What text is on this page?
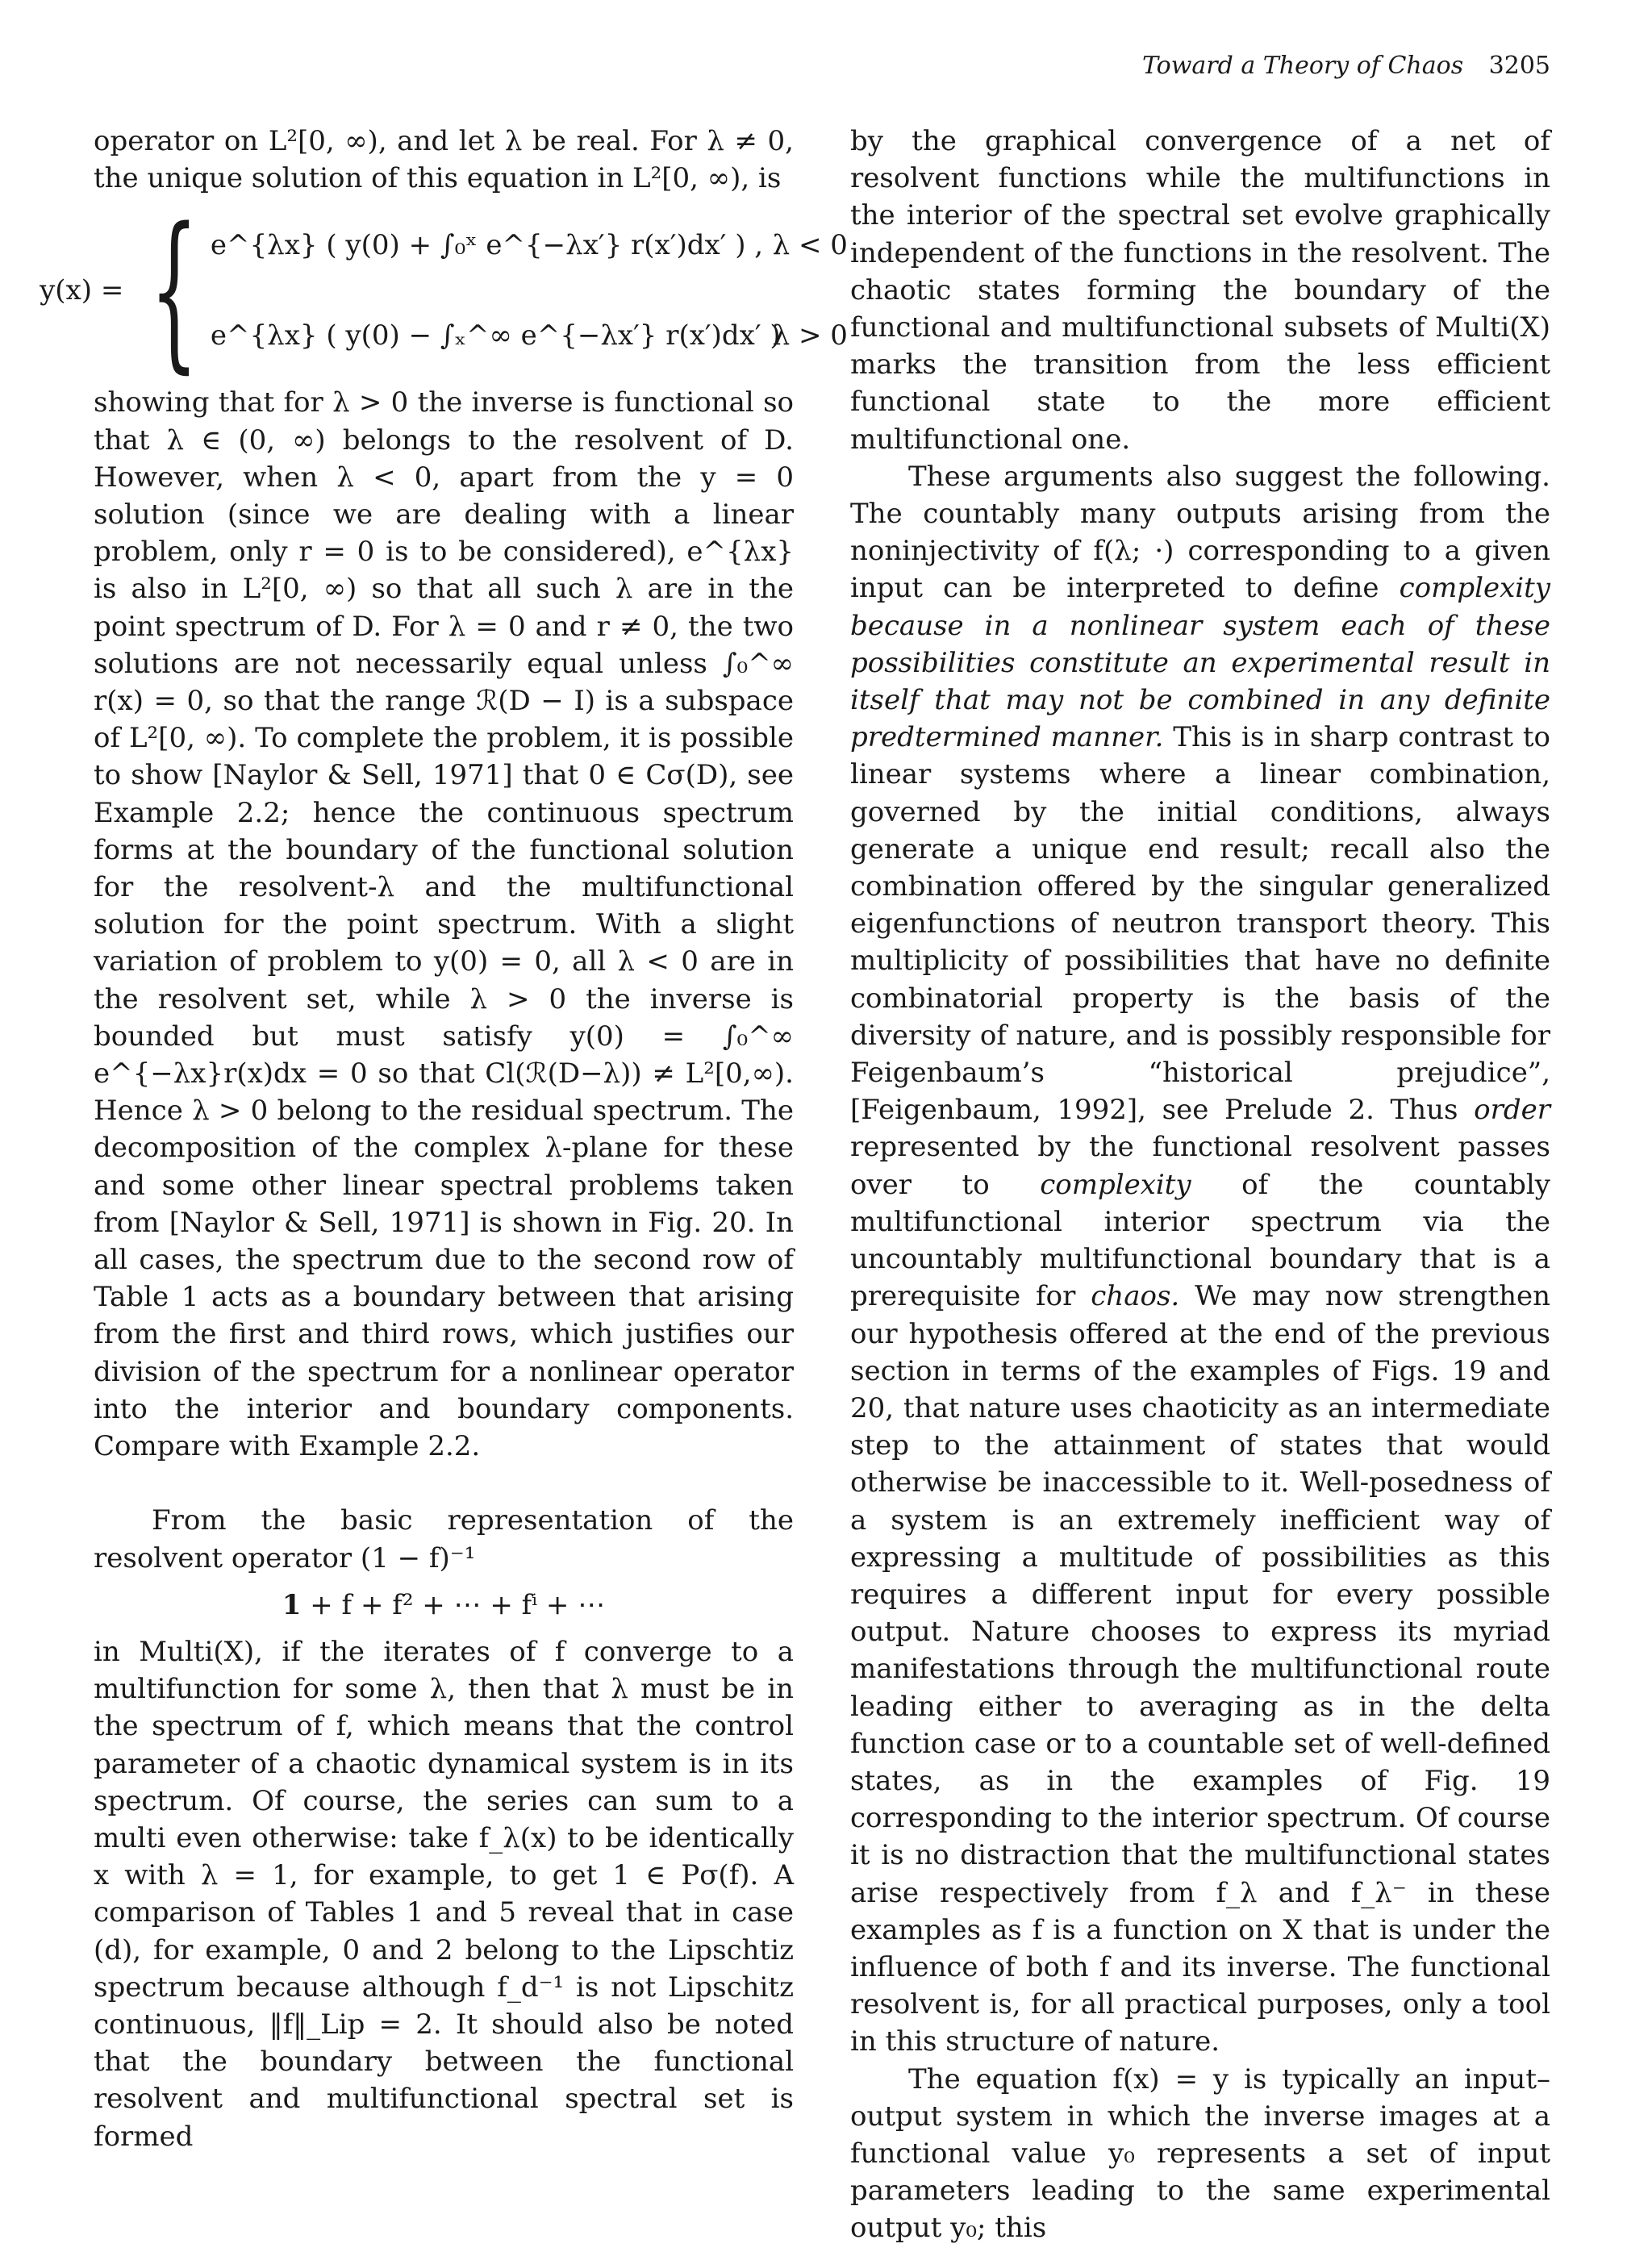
Toward a Theory of Chaos 3205

operator on L²[0, ∞), and let λ be real. For λ ≠ 0, the unique solution of this equation in L²[0, ∞), is

y(x) = { e^{λx} ( y(0) + ∫₀ˣ e^{−λx′} r(x′)dx′ ) , λ < 0
e^{λx} ( y(0) − ∫ₓ^∞ e^{−λx′} r(x′)dx′ )
λ > 0

showing that for λ > 0 the inverse is functional so that λ ∈ (0, ∞) belongs to the resolvent of D. However, when λ < 0, apart from the y = 0 solution (since we are dealing with a linear problem, only r = 0 is to be considered), e^{λx} is also in L²[0, ∞) so that all such λ are in the point spectrum of D. For λ = 0 and r ≠ 0, the two solutions are not necessarily equal unless ∫₀^∞ r(x) = 0, so that the range ℛ(D − I) is a subspace of L²[0, ∞). To complete the problem, it is possible to show [Naylor & Sell, 1971] that 0 ∈ Cσ(D), see Example 2.2; hence the continuous spectrum forms at the boundary of the functional solution for the resolvent-λ and the multifunctional solution for the point spectrum. With a slight variation of problem to y(0) = 0, all λ < 0 are in the resolvent set, while λ > 0 the inverse is bounded but must satisfy y(0) = ∫₀^∞ e^{−λx}r(x)dx = 0 so that Cl(ℛ(D−λ)) ≠ L²[0,∞). Hence λ > 0 belong to the residual spectrum. The decomposition of the complex λ-plane for these and some other linear spectral problems taken from [Naylor & Sell, 1971] is shown in Fig. 20. In all cases, the spectrum due to the second row of Table 1 acts as a boundary between that arising from the first and third rows, which justifies our division of the spectrum for a nonlinear operator into the interior and boundary components. Compare with Example 2.2.

From the basic representation of the resolvent operator (1 − f)⁻¹

1 + f + f² + ⋯ + fⁱ + ⋯

in Multi(X), if the iterates of f converge to a multifunction for some λ, then that λ must be in the spectrum of f, which means that the control parameter of a chaotic dynamical system is in its spectrum. Of course, the series can sum to a multi even otherwise: take f_λ(x) to be identically x with λ = 1, for example, to get 1 ∈ Pσ(f). A comparison of Tables 1 and 5 reveal that in case (d), for example, 0 and 2 belong to the Lipschtiz spectrum because although f_d⁻¹ is not Lipschitz continuous, ‖f‖_Lip = 2. It should also be noted that the boundary between the functional resolvent and multifunctional spectral set is formed

by the graphical convergence of a net of resolvent functions while the multifunctions in the interior of the spectral set evolve graphically independent of the functions in the resolvent. The chaotic states forming the boundary of the functional and multifunctional subsets of Multi(X) marks the transition from the less efficient functional state to the more efficient multifunctional one.

These arguments also suggest the following. The countably many outputs arising from the noninjectivity of f(λ; ·) corresponding to a given input can be interpreted to define complexity because in a nonlinear system each of these possibilities constitute an experimental result in itself that may not be combined in any definite predtermined manner. This is in sharp contrast to linear systems where a linear combination, governed by the initial conditions, always generate a unique end result; recall also the combination offered by the singular generalized eigenfunctions of neutron transport theory. This multiplicity of possibilities that have no definite combinatorial property is the basis of the diversity of nature, and is possibly responsible for Feigenbaum’s “historical prejudice”, [Feigenbaum, 1992], see Prelude 2. Thus order represented by the functional resolvent passes over to complexity of the countably multifunctional interior spectrum via the uncountably multifunctional boundary that is a prerequisite for chaos. We may now strengthen our hypothesis offered at the end of the previous section in terms of the examples of Figs. 19 and 20, that nature uses chaoticity as an intermediate step to the attainment of states that would otherwise be inaccessible to it. Well-posedness of a system is an extremely inefficient way of expressing a multitude of possibilities as this requires a different input for every possible output. Nature chooses to express its myriad manifestations through the multifunctional route leading either to averaging as in the delta function case or to a countable set of well-defined states, as in the examples of Fig. 19 corresponding to the interior spectrum. Of course it is no distraction that the multifunctional states arise respectively from f_λ and f_λ⁻ in these examples as f is a function on X that is under the influence of both f and its inverse. The functional resolvent is, for all practical purposes, only a tool in this structure of nature.

The equation f(x) = y is typically an input–output system in which the inverse images at a functional value y₀ represents a set of input parameters leading to the same experimental output y₀; this
